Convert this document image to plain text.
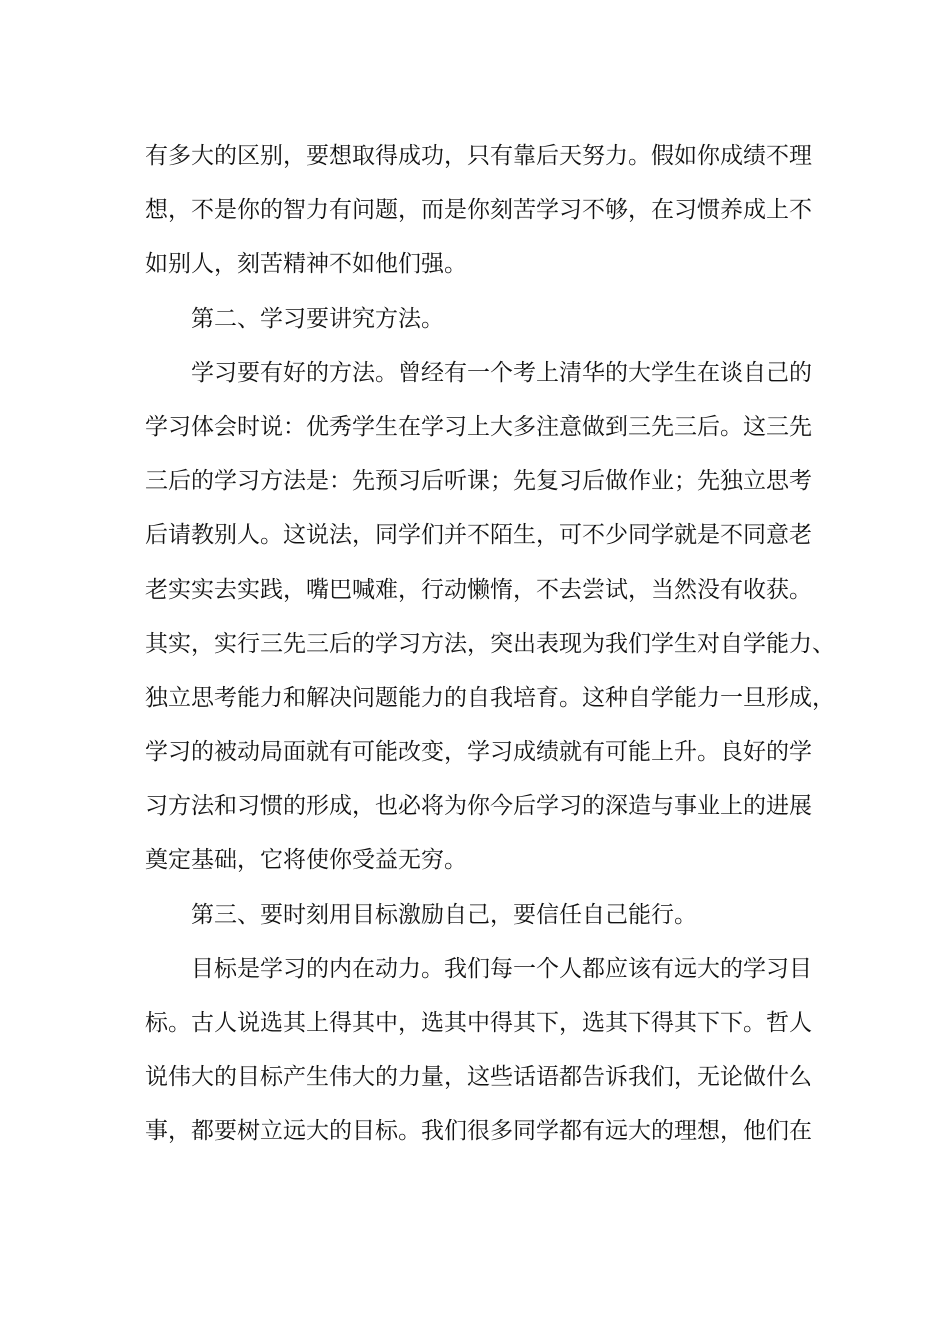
有多大的区别，要想取得成功，只有靠后天努力。假如你成绩不理
想，不是你的智力有问题，而是你刻苦学习不够，在习惯养成上不
如别人，刻苦精神不如他们强。
第二、学习要讲究方法。
学习要有好的方法。曾经有一个考上清华的大学生在谈自己的
学习体会时说：优秀学生在学习上大多注意做到三先三后。这三先
三后的学习方法是：先预习后听课；先复习后做作业；先独立思考
后请教别人。这说法，同学们并不陌生，可不少同学就是不同意老
老实实去实践，嘴巴喊难，行动懒惰，不去尝试，当然没有收获。
其实，实行三先三后的学习方法，突出表现为我们学生对自学能力、
独立思考能力和解决问题能力的自我培育。这种自学能力一旦形成，
学习的被动局面就有可能改变，学习成绩就有可能上升。良好的学
习方法和习惯的形成，也必将为你今后学习的深造与事业上的进展
奠定基础，它将使你受益无穷。
第三、要时刻用目标激励自己，要信任自己能行。
目标是学习的内在动力。我们每一个人都应该有远大的学习目
标。古人说选其上得其中，选其中得其下，选其下得其下下。哲人
说伟大的目标产生伟大的力量，这些话语都告诉我们，无论做什么
事，都要树立远大的目标。我们很多同学都有远大的理想，他们在
